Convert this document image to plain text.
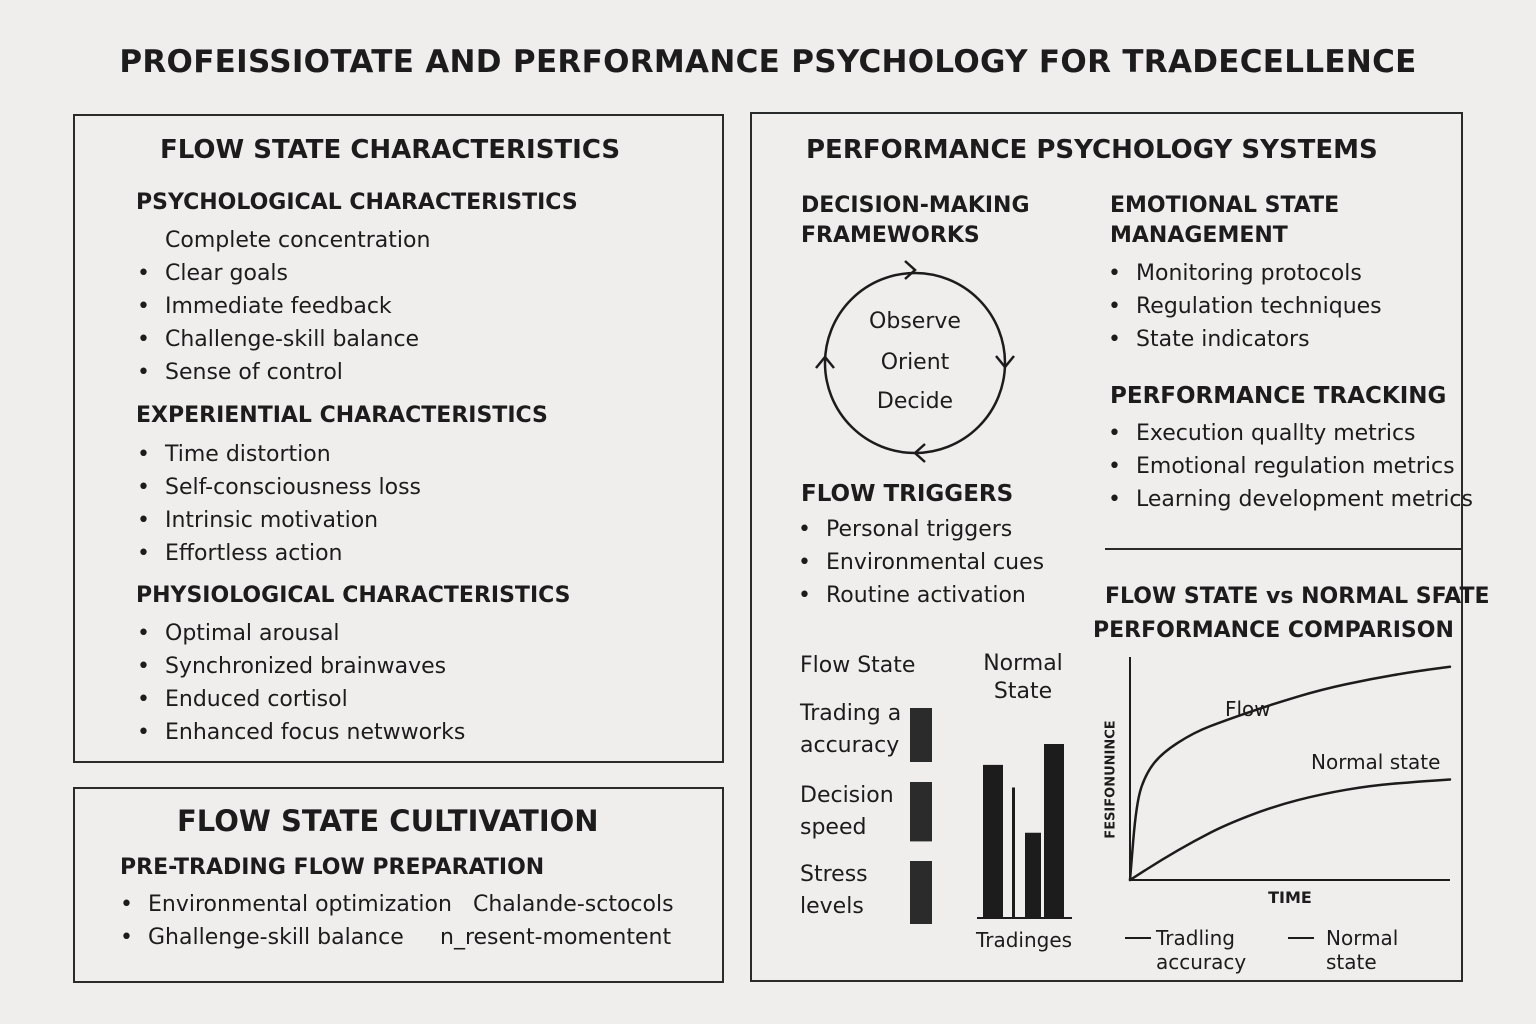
PROFEISSIOTATE AND PERFORMANCE PSYCHOLOGY FOR TRADECELLENCE
FLOW STATE CHARACTERISTICS
PSYCHOLOGICAL CHARACTERISTICS
Complete concentration
• Clear goals
• Immediate feedback
• Challenge-skill balance
• Sense of control
EXPERIENTIAL CHARACTERISTICS
• Time distortion
• Self-consciousness loss
• Intrinsic motivation
• Effortless action
PHYSIOLOGICAL CHARACTERISTICS
• Optimal arousal
• Synchronized brainwaves
• Enduced cortisol
• Enhanced focus netwworks
FLOW STATE CULTIVATION
PRE-TRADING FLOW PREPARATION
• Environmental optimization
• Ghallenge-skill balance
Chalande-sctocols
n_resent-momentent
PERFORMANCE PSYCHOLOGY SYSTEMS
DECISION-MAKING
FRAMEWORKS
Observe
Orient
Decide
EMOTIONAL STATE
MANAGEMENT
• Monitoring protocols
• Regulation techniques
• State indicators
PERFORMANCE TRACKING
• Execution quallty metrics
• Emotional regulation metrics
• Learning development metrics
FLOW TRIGGERS
• Personal triggers
• Environmental cues
• Routine activation
Flow State	Normal
State
Trading a
accuracy
Decision
speed
Stress
levels
Tradinges
FLOW STATE vs NORMAL SFATE
PERFORMANCE COMPARISON
FESIFONUNINCE
TIME
Flow
Normal state
Tradling
accuracy
Normal
state
